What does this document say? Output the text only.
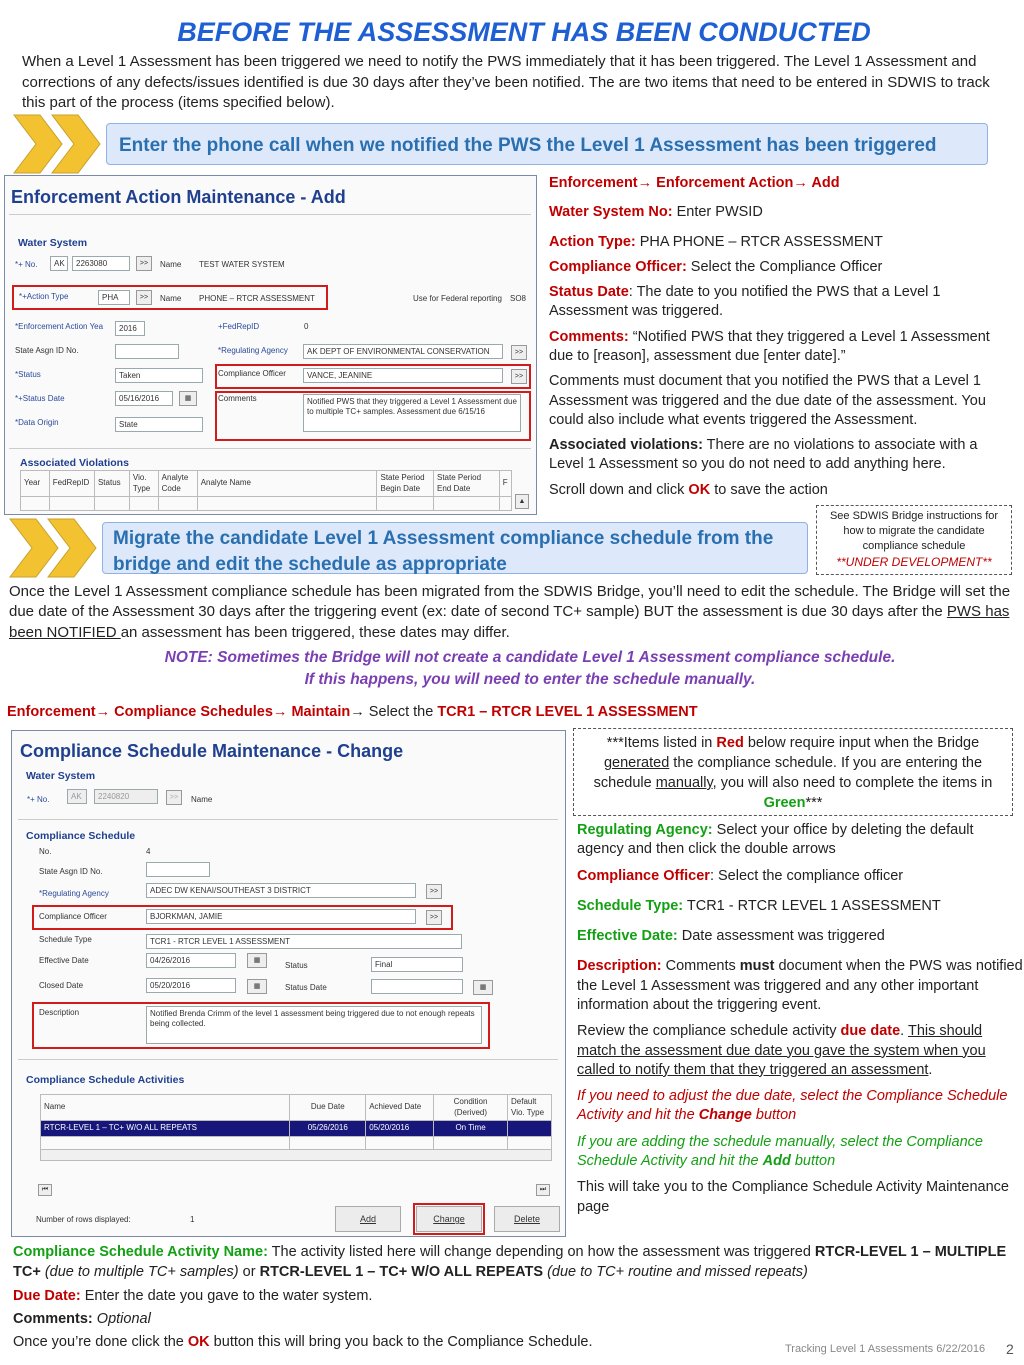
BEFORE THE ASSESSMENT HAS BEEN CONDUCTED
When a Level 1 Assessment has been triggered we need to notify the PWS immediately that it has been triggered. The Level 1 Assessment and corrections of any defects/issues identified is due 30 days after they’ve been notified. The are two items that need to be entered in SDWIS to track this part of the process (items specified below).
Enter the phone call when we notified the PWS the Level 1 Assessment has been triggered
Enforcement Action Maintenance - Add
Water System
*+ No.	AK	2263080	>>	Name TEST WATER SYSTEM
*+Action Type	PHA	>>	Name PHONE – RTCR ASSESSMENT	Use for Federal reporting SO8
*Enforcement Action Yea	2016	+FedRepID	0
State Asgn ID No.	*Regulating Agency	AK DEPT OF ENVIRONMENTAL CONSERVATION	>>
*Status	Taken	Compliance Officer	VANCE, JEANINE	>>
*+Status Date	05/16/2016	▦	Comments	Notified PWS that they triggered a Level 1 Assessment due to multiple TC+ samples. Assessment due 6/15/16
*Data Origin	State
Associated Violations
Year	FedRepID	Status	Vio. Type	Analyte Code	Analyte Name	State Period Begin Date	State Period End Date	F

▲

Enforcement→ Enforcement Action→ Add

Water System No: Enter PWSID

Action Type: PHA PHONE – RTCR ASSESSMENT

Compliance Officer: Select the Compliance Officer

Status Date: The date to you notified the PWS that a Level 1 Assessment was triggered.

Comments: “Notified PWS that they triggered a Level 1 Assessment due to [reason], assessment due [enter date].”

Comments must document that you notified the PWS that a Level 1 Assessment was triggered and the due date of the assessment. You could also include what events triggered the Assessment.

Associated violations: There are no violations to associate with a Level 1 Assessment so you do not need to add anything here.

Scroll down and click OK to save the action

See SDWIS Bridge instructions for how to migrate the candidate compliance schedule
**UNDER DEVELOPMENT**
Migrate the candidate Level 1 Assessment compliance schedule from the bridge and edit the schedule as appropriate
Once the Level 1 Assessment compliance schedule has been migrated from the SDWIS Bridge, you’ll need to edit the schedule. The Bridge will set the due date of the Assessment 30 days after the triggering event (ex: date of second TC+ sample) BUT the assessment is due 30 days after the PWS has been NOTIFIED an assessment has been triggered, these dates may differ.
NOTE: Sometimes the Bridge will not create a candidate Level 1 Assessment compliance schedule.
If this happens, you will need to enter the schedule manually.
Enforcement→ Compliance Schedules→ Maintain→ Select the TCR1 – RTCR LEVEL 1 ASSESSMENT
Compliance Schedule Maintenance - Change
Water System
*+ No.	AK	2240820	>>	Name
Compliance Schedule
No.	4
State Asgn ID No.
*Regulating Agency	ADEC DW KENAI/SOUTHEAST 3 DISTRICT	>>
Compliance Officer	BJORKMAN, JAMIE	>>
Schedule Type	TCR1 - RTCR LEVEL 1 ASSESSMENT
Effective Date	04/26/2016	▦
Status	Final
Closed Date	05/20/2016	▦	Status Date	▦
Description	Notified Brenda Crimm of the level 1 assessment being triggered due to not enough repeats being collected.
Compliance Schedule Activities
Name	Due Date	Achieved Date	Condition (Derived)	Default Vio. Type
RTCR-LEVEL 1 – TC+ W/O ALL REPEATS	05/26/2016	05/20/2016	On Time	

⏮	⏭
Number of rows displayed:	1	Add	Change	Delete
***Items listed in Red below require input when the Bridge generated the compliance schedule. If you are entering the schedule manually, you will also need to complete the items in Green***

Regulating Agency: Select your office by deleting the default agency and then click the double arrows

Compliance Officer: Select the compliance officer

Schedule Type: TCR1 - RTCR LEVEL 1 ASSESSMENT

Effective Date: Date assessment was triggered

Description: Comments must document when the PWS was notified the Level 1 Assessment was triggered and any other important information about the triggering event.

Review the compliance schedule activity due date. This should match the assessment due date you gave the system when you called to notify them that they triggered an assessment.

If you need to adjust the due date, select the Compliance Schedule Activity and hit the Change button

If you are adding the schedule manually, select the Compliance Schedule Activity and hit the Add button

This will take you to the Compliance Schedule Activity Maintenance page

Compliance Schedule Activity Name: The activity listed here will change depending on how the assessment was triggered RTCR-LEVEL 1 – MULTIPLE TC+ (due to multiple TC+ samples) or RTCR-LEVEL 1 – TC+ W/O ALL REPEATS (due to TC+ routine and missed repeats)

Due Date: Enter the date you gave to the water system.

Comments: Optional

Once you’re done click the OK button this will bring you back to the Compliance Schedule.	Tracking Level 1 Assessments 6/22/2016 2
